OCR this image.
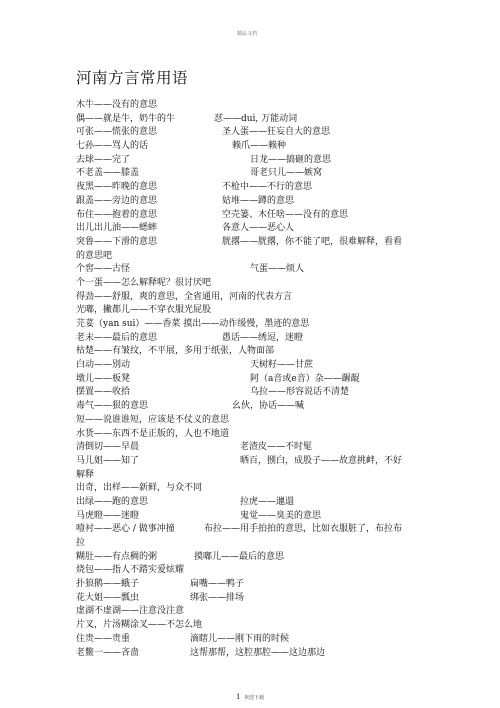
精品文档
河南方言常用语
木牛——没有的意思
偶——就是牛，奶牛的牛	怼——dui, 万能动词
可张——慌张的意思	圣人蛋——狂妄自大的意思
七孙——骂人的话	赖爪——赖种
去球——完了	日龙——搞砸的意思
不老盖——膝盖	哥老只儿——嫉窝
夜黑——昨晚的意思	不枪中——不行的意思
跟盖——旁边的意思	姑堆——蹲的意思
布住——抱着的意思	空壳篓、木任啥——没有的意思
出儿出儿油——蟋蟀	各意人——恶心人
突鲁——下滑的意思	胱撂——胱撂，你不能了吧，很难解释，看看
的意思吧
个窖——古怪	气蛋——烦人
个一蛋——怎么解释呢？很讨厌吧
得劲——舒服，爽的意思，全省通用，河南的代表方言
光嘟，撇都儿——不穿衣服光屁股
芫荽（yan sui）——香菜 摸出——动作缓慢，墨迹的意思
老末——最后的意思	愚话——绣逗，迷瞪
枯楚——有皱纹，不平展，多用于纸张，人物面部
白动——别动	天树籽——甘蔗
墩儿——板凳	阿（a音或e音）杂——龌龊
摆置——收拾	乌拉——形容说话不清楚
毒气——狠的意思	幺伙，协话——喊
短——说谁谁短，应该是不仗义的意思
水货——东西不是正版的，人也不地道
清倒切——早晨	老渣皮——不时髦
马儿姐——知了	晒百，捌白，成股子——故意挑衅，不好
解释
出奇，出样——新鲜，与众不同
出绿——跑的意思	拉虎——邋遢
马虎瞪——迷瞪	鬼觉——臭美的意思
噎衬——恶心 / 做事冲撞	布拉——用手拍拍的意思，比如衣服脏了，布拉布
拉
糊肚——有点稠的粥	摸嘟儿——最后的意思
烧包——指人不踏实爱炫耀
扑狼鹅——蛾子	扁嘴——鸭子
花大姐——瓢虫	绑张——排场
虚湖不虚湖——注意没注意
片叉，片汤糊涂叉——不怎么地
住贵——贵重	滴瞎儿——刚下雨的时候
老鳖一——吝啬	这帮那帮，这腔那腔——这边那边
1 欢迎下载
